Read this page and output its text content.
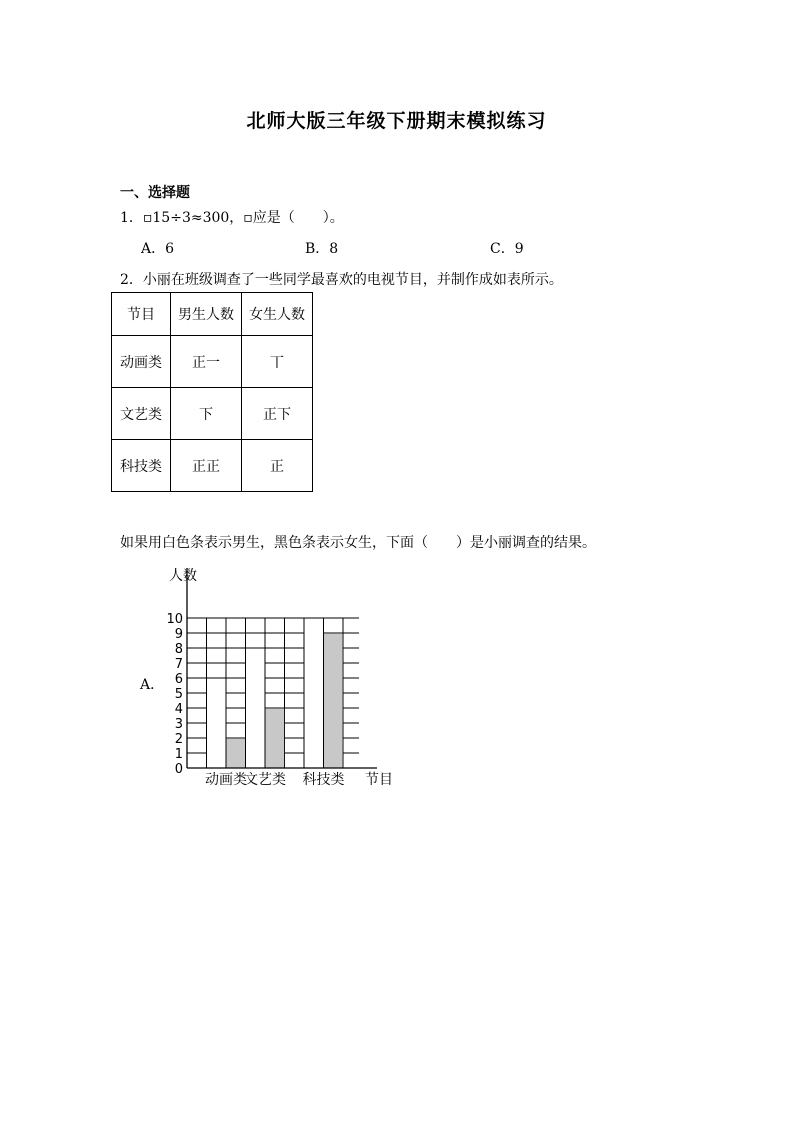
北师大版三年级下册期末模拟练习
一、选择题
1．▫15÷3≈300，▫应是（　　）。
A．6	B．8	C．9
2．小丽在班级调查了一些同学最喜欢的电视节目，并制作成如表所示。
节目	男生人数	女生人数
动画类	正一	丅
文艺类	下	正下
科技类	正正	正
如果用白色条表示男生，黑色条表示女生，下面（　　）是小丽调查的结果。
A．
0
1
2
3
4
5
6
7
8
9
10
人数
动画类
文艺类 科技类 节目
